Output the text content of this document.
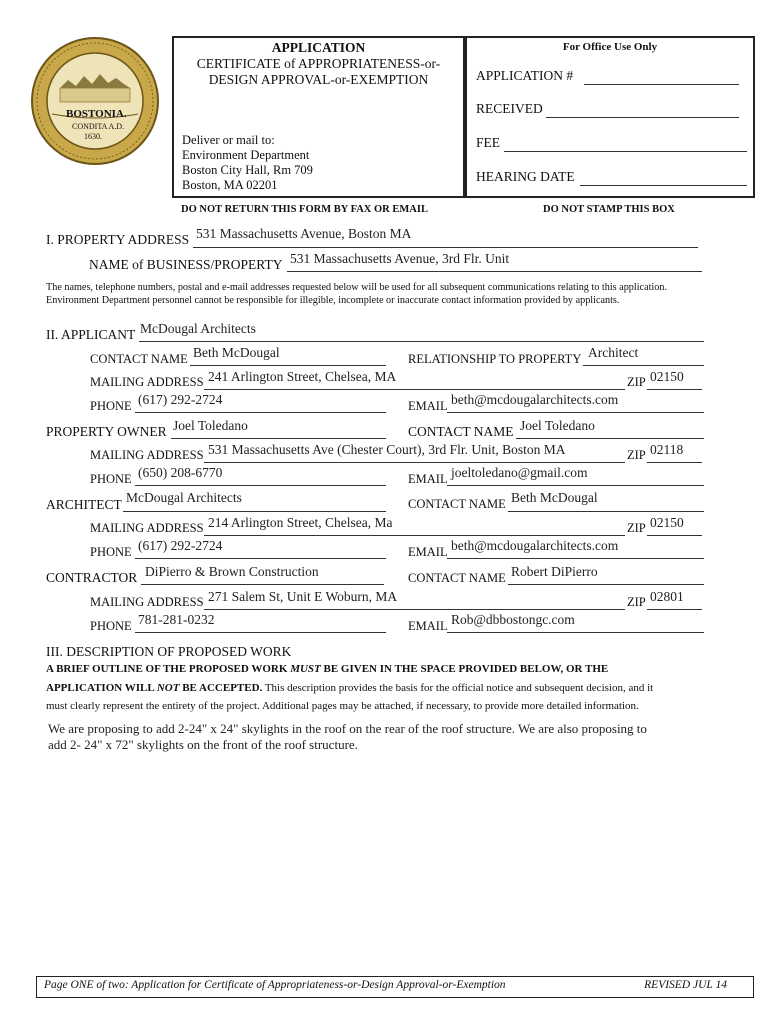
BOSTONIA.
CONDITA A.D.
1630.
APPLICATION
CERTIFICATE of APPROPRIATENESS-or-
DESIGN APPROVAL-or-EXEMPTION
Deliver or mail to:
Environment Department
Boston City Hall, Rm 709
Boston, MA 02201
DO NOT RETURN THIS FORM BY FAX OR EMAIL
For Office Use Only
APPLICATION #
RECEIVED
FEE
HEARING DATE
DO NOT STAMP THIS BOX
I. PROPERTY ADDRESS 531 Massachusetts Avenue, Boston MA
NAME of BUSINESS/PROPERTY 531 Massachusetts Avenue, 3rd Flr. Unit
The names, telephone numbers, postal and e-mail addresses requested below will be used for all subsequent communications relating to this application.
Environment Department personnel cannot be responsible for illegible, incomplete or inaccurate contact information provided by applicants.
II. APPLICANT McDougal Architects
CONTACT NAME Beth McDougal	RELATIONSHIP TO PROPERTY Architect
MAILING ADDRESS 241 Arlington Street, Chelsea, MA	ZIP 02150
PHONE (617) 292-2724	EMAIL beth@mcdougalarchitects.com
PROPERTY OWNER Joel Toledano	CONTACT NAME Joel Toledano
MAILING ADDRESS 531 Massachusetts Ave (Chester Court), 3rd Flr. Unit, Boston MA	ZIP 02118
PHONE (650) 208-6770	EMAIL joeltoledano@gmail.com
ARCHITECT McDougal Architects	CONTACT NAME Beth McDougal
MAILING ADDRESS 214 Arlington Street, Chelsea, Ma	ZIP 02150
PHONE (617) 292-2724	EMAIL beth@mcdougalarchitects.com
CONTRACTOR DiPierro & Brown Construction	CONTACT NAME Robert DiPierro
MAILING ADDRESS 271 Salem St, Unit E Woburn, MA	ZIP 02801
PHONE 781-281-0232	EMAIL Rob@dbbostongc.com
III. DESCRIPTION OF PROPOSED WORK
A BRIEF OUTLINE OF THE PROPOSED WORK MUST BE GIVEN IN THE SPACE PROVIDED BELOW, OR THE
APPLICATION WILL NOT BE ACCEPTED. This description provides the basis for the official notice and subsequent decision, and it
must clearly represent the entirety of the project. Additional pages may be attached, if necessary, to provide more detailed information.
We are proposing to add 2-24" x 24" skylights in the roof on the rear of the roof structure. We are also proposing to
add 2- 24" x 72" skylights on the front of the roof structure.
Page ONE of two: Application for Certificate of Appropriateness-or-Design Approval-or-Exemption	REVISED JUL 14
